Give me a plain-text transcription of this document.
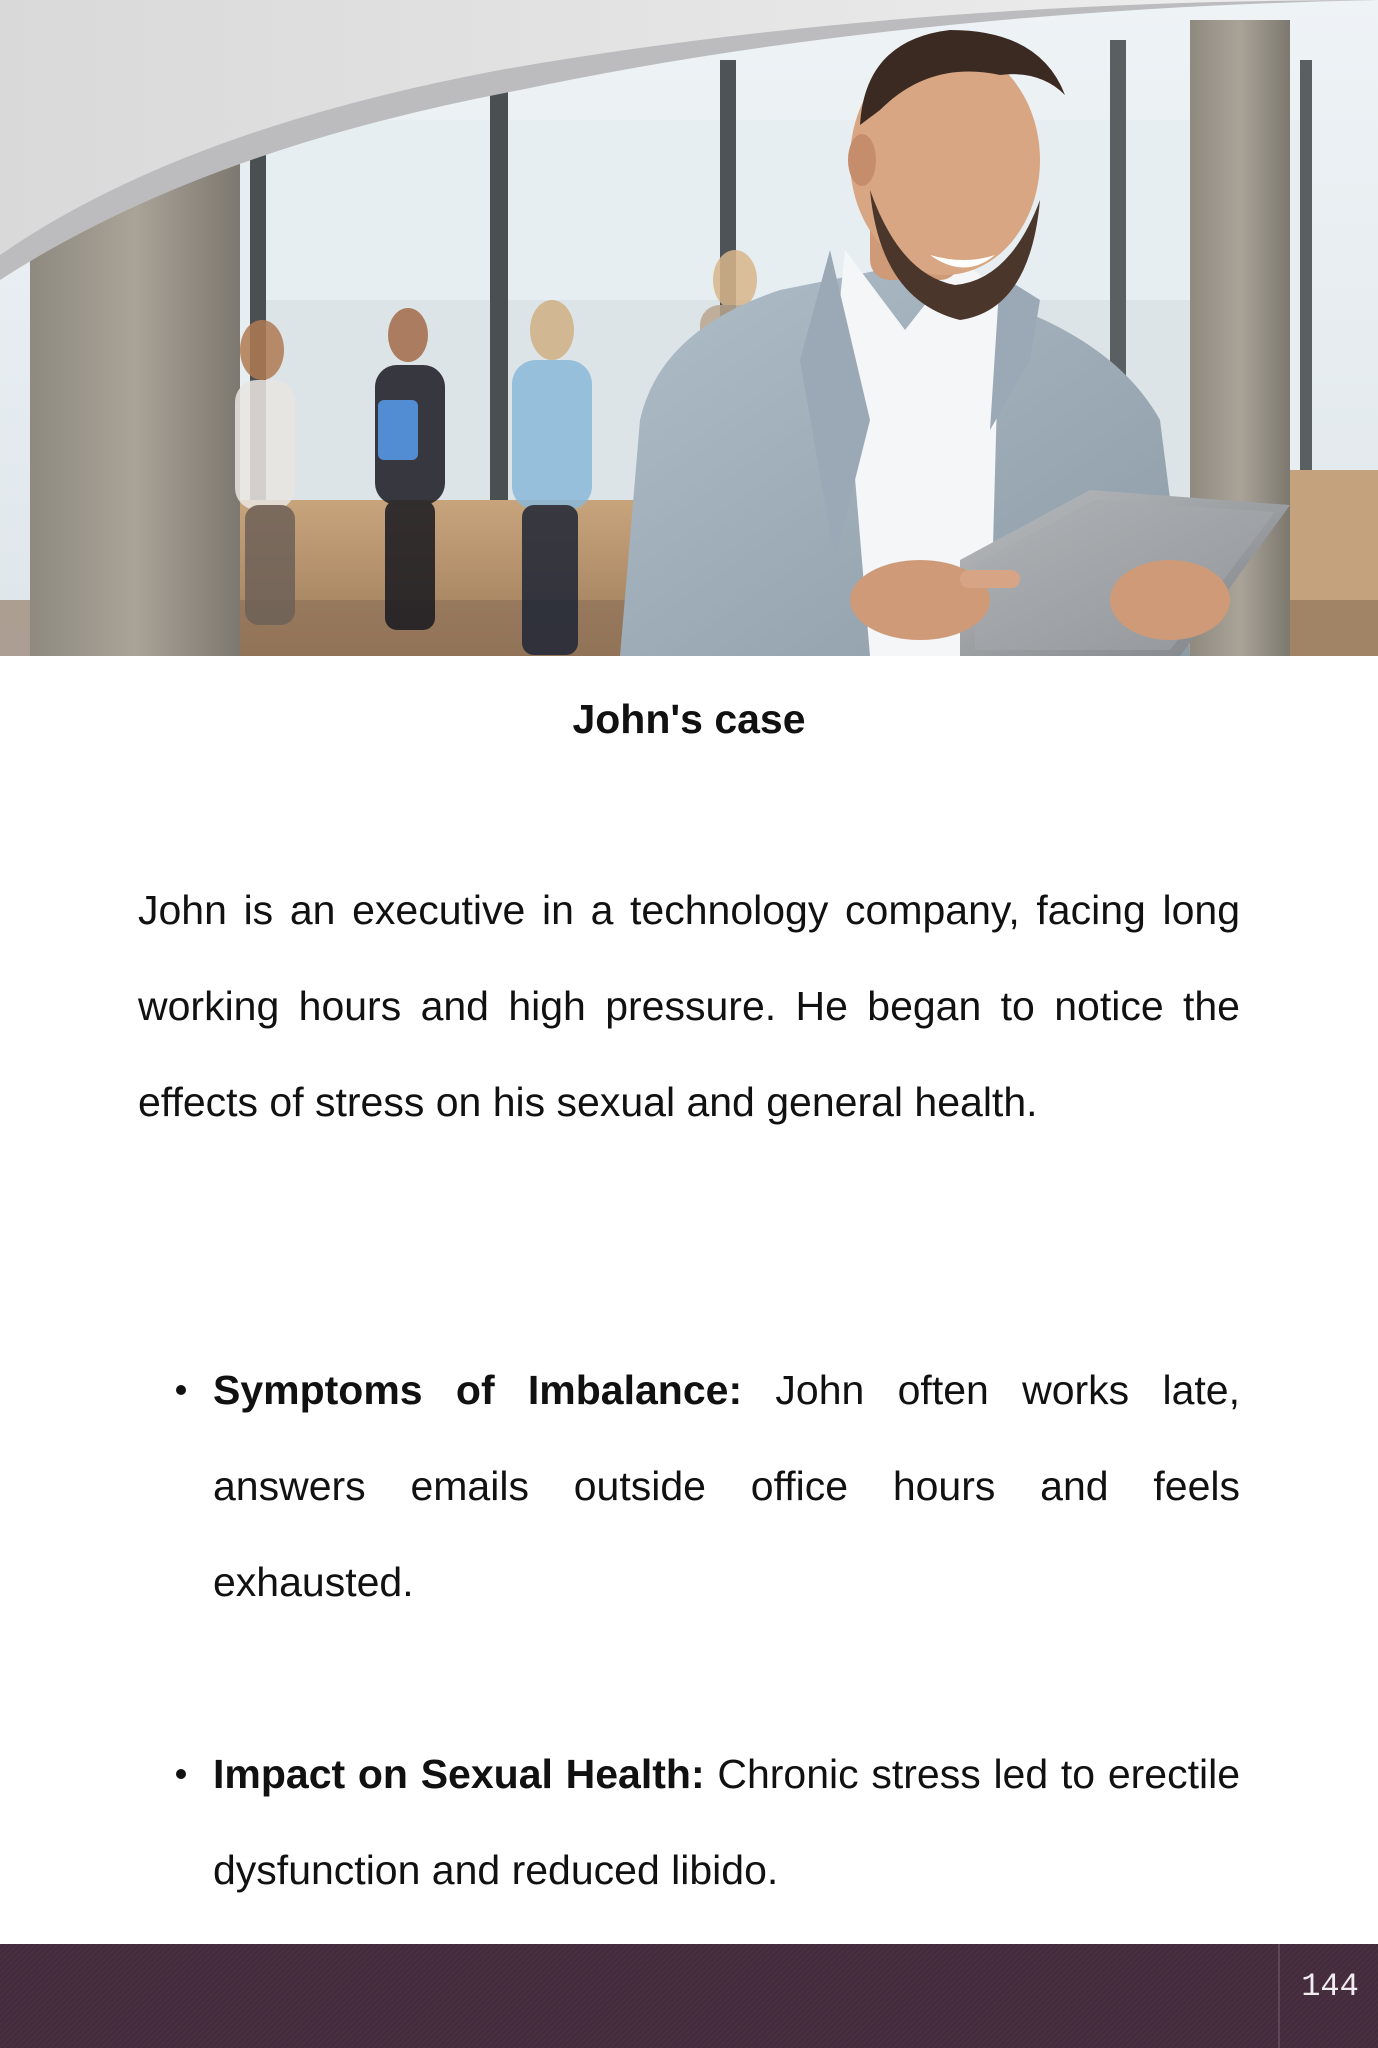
John's case

John is an executive in a technology company, facing long working hours and high pressure. He began to notice the effects of stress on his sexual and general health.

Symptoms of Imbalance: John often works late, answers emails outside office hours and feels exhausted.

Impact on Sexual Health: Chronic stress led to erectile dysfunction and reduced libido.

144
